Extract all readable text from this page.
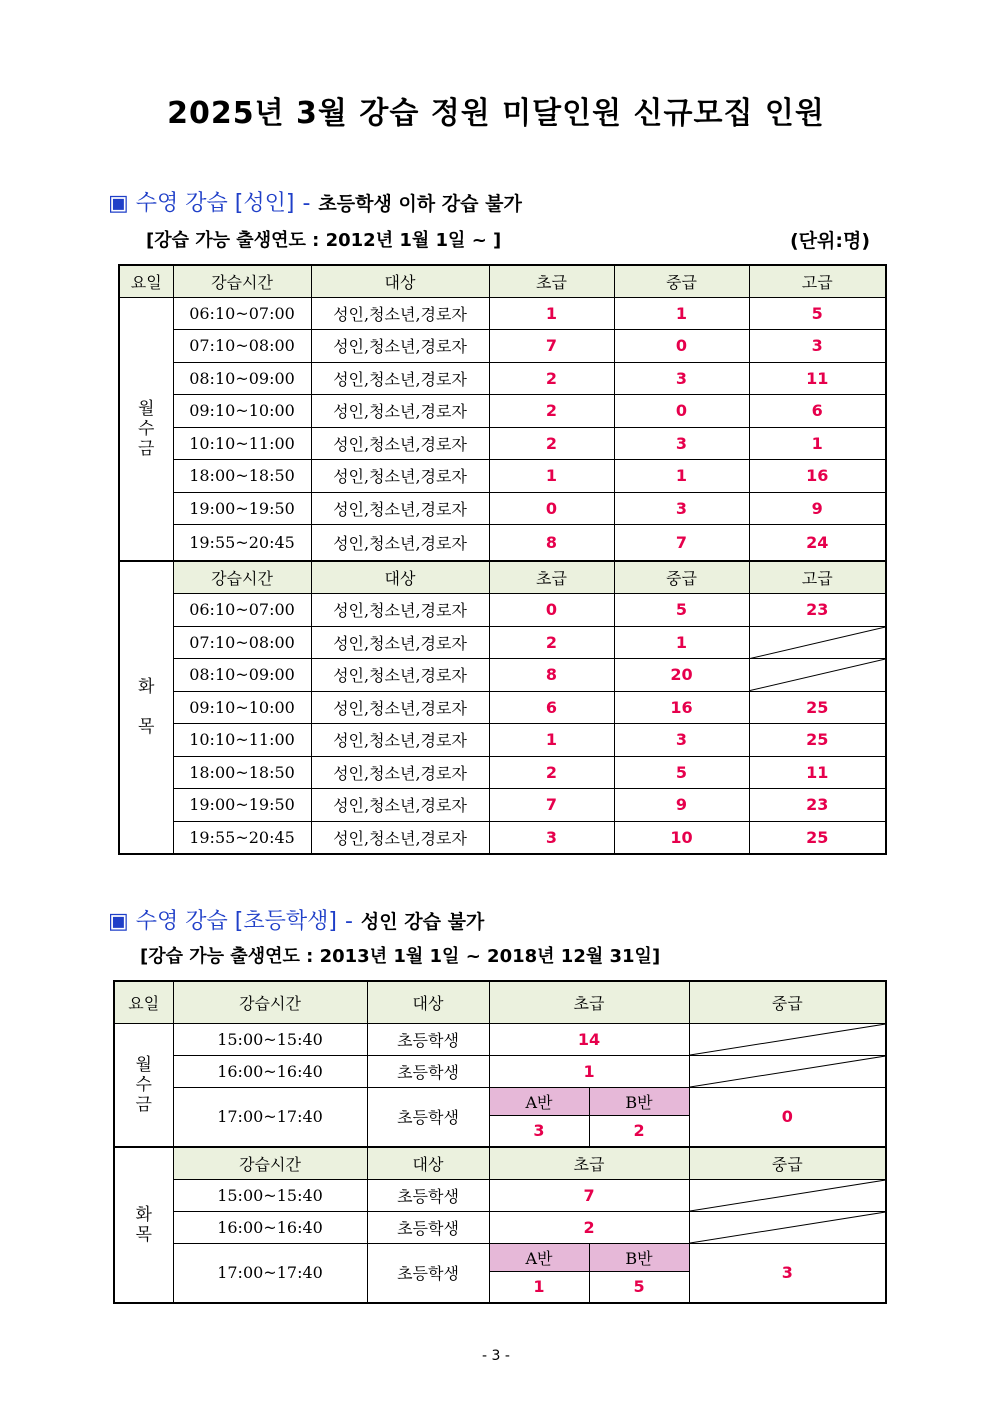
2025년 3월 강습 정원 미달인원 신규모집 인원
▣ 수영 강습 [성인] - 초등학생 이하 강습 불가
[강습 가능 출생연도 : 2012년 1월 1일 ~ ]	(단위:명)
요일	강습시간	대상	초급	중급	고급
월
수
금	06:10~07:00	성인,청소년,경로자	1	1	5
	07:10~08:00	성인,청소년,경로자	7	0	3
	08:10~09:00	성인,청소년,경로자	2	3	11
	09:10~10:00	성인,청소년,경로자	2	0	6
	10:10~11:00	성인,청소년,경로자	2	3	1
	18:00~18:50	성인,청소년,경로자	1	1	16
	19:00~19:50	성인,청소년,경로자	0	3	9
	19:55~20:45	성인,청소년,경로자	8	7	24
화

목	강습시간	대상	초급	중급	고급
	06:10~07:00	성인,청소년,경로자	0	5	23
	07:10~08:00	성인,청소년,경로자	2	1	

	08:10~09:00	성인,청소년,경로자	8	20	

	09:10~10:00	성인,청소년,경로자	6	16	25
	10:10~11:00	성인,청소년,경로자	1	3	25
	18:00~18:50	성인,청소년,경로자	2	5	11
	19:00~19:50	성인,청소년,경로자	7	9	23
	19:55~20:45	성인,청소년,경로자	3	10	25
▣ 수영 강습 [초등학생] - 성인 강습 불가
[강습 가능 출생연도 : 2013년 1월 1일 ~ 2018년 12월 31일]
요일	강습시간	대상	초급		중급
월
수
금	15:00~15:40	초등학생	14	

	16:00~16:40	초등학생	1	

	17:00~17:40	초등학생	A반	B반	0
			3	2	
화
목	강습시간	대상	초급		중급
	15:00~15:40	초등학생	7	

	16:00~16:40	초등학생	2	

	17:00~17:40	초등학생	A반	B반	3
			1	5	
- 3 -
